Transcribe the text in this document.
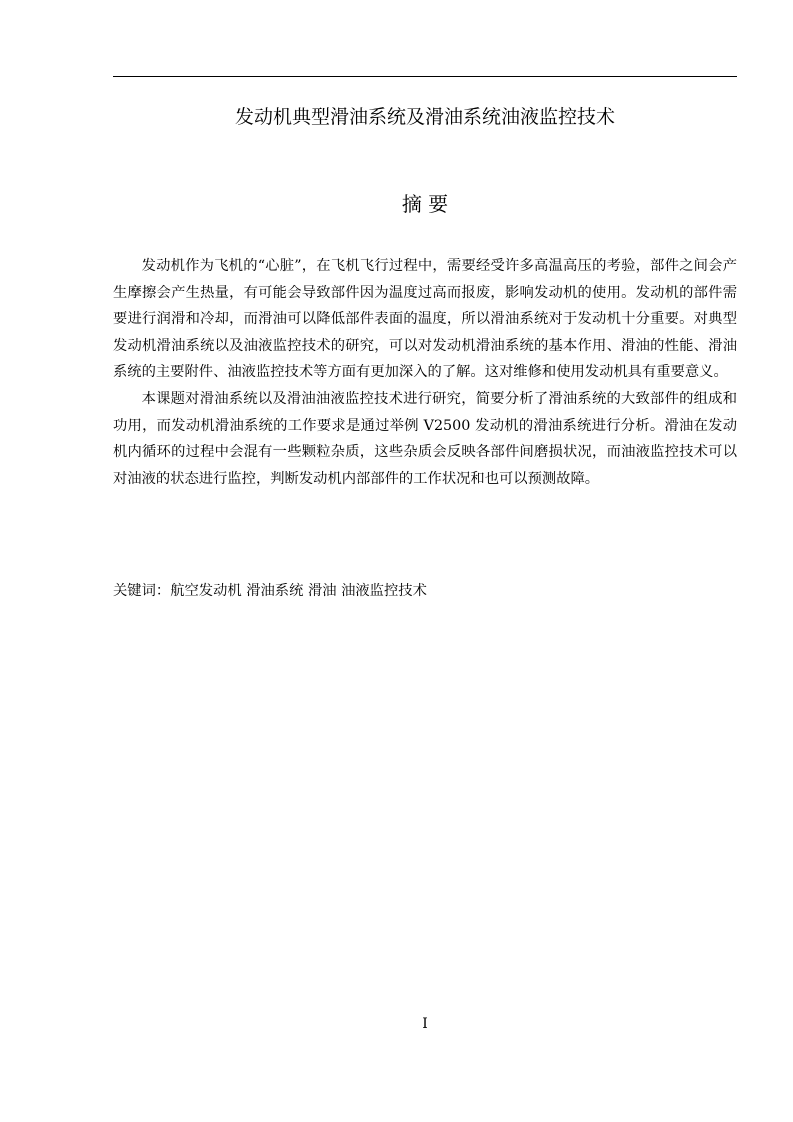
发动机典型滑油系统及滑油系统油液监控技术
摘 要

发动机作为飞机的“心脏”，在飞机飞行过程中，需要经受许多高温高压的考验，部件之间会产生摩擦会产生热量，有可能会导致部件因为温度过高而报废，影响发动机的使用。发动机的部件需要进行润滑和冷却，而滑油可以降低部件表面的温度，所以滑油系统对于发动机十分重要。对典型发动机滑油系统以及油液监控技术的研究，可以对发动机滑油系统的基本作用、滑油的性能、滑油系统的主要附件、油液监控技术等方面有更加深入的了解。这对维修和使用发动机具有重要意义。

本课题对滑油系统以及滑油油液监控技术进行研究，简要分析了滑油系统的大致部件的组成和功用，而发动机滑油系统的工作要求是通过举例 V2500 发动机的滑油系统进行分析。滑油在发动机内循环的过程中会混有一些颗粒杂质，这些杂质会反映各部件间磨损状况，而油液监控技术可以对油液的状态进行监控，判断发动机内部部件的工作状况和也可以预测故障。

关键词：航空发动机 滑油系统 滑油 油液监控技术
I
